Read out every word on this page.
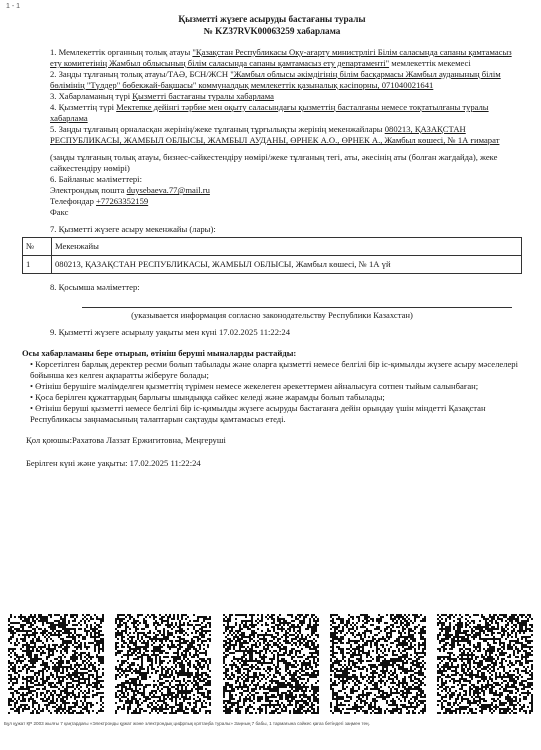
1 - 1
Қызметті жүзеге асыруды бастағаны туралы
№ KZ37RVK00063259 хабарлама

1. Мемлекеттік органның толық атауы "Қазақстан Республикасы Оқу-ағарту министрлігі Білім саласында сапаны қамтамасыз ету комитетінің Жамбыл облысының білім саласында сапаны қамтамасыз ету департаменті" мемлекеттік мекемесі

2. Заңды тұлғаның толық атауы/ТАӘ, БСН/ЖСН "Жамбыл облысы әкімдігінің білім басқармасы Жамбыл ауданының білім бөлімінің "Түлдер" бөбекжай-бақшасы" коммуналдық мемлекеттік қазыналық кәсіпорны, 071040021641

3. Хабарламаның түрі Қызметті бастағаны туралы хабарлама

4. Қызметтің түрі Мектепке дейінгі тәрбие мен оқыту саласындағы қызметтің басталғаны немесе тоқтатылғаны туралы хабарлама

5. Заңды тұлғаның орналасқан жерінің/жеке тұлғаның тұрғылықты жерінің мекенжайлары 080213, ҚАЗАҚСТАН РЕСПУБЛИКАСЫ, ЖАМБЫЛ ОБЛЫСЫ, ЖАМБЫЛ АУДАНЫ, ӨРНЕК А.О., ӨРНЕК А., Жамбыл көшесі, № 1А ғимарат

(заңды тұлғаның толық атауы, бизнес-сәйкестендіру нөмірі/жеке тұлғаның тегі, аты, әкесінің аты (болған жағдайда), жеке сәйкестендіру нөмірі)

6. Байланыс мәліметтері:

Электрондық пошта duysebaeva.77@mail.ru

Телефондар +77263352159

Факс

7. Қызметті жүзеге асыру мекенжайы (лары):

№	Мекенжайы
1	080213, ҚАЗАҚСТАН РЕСПУБЛИКАСЫ, ЖАМБЫЛ ОБЛЫСЫ, Жамбыл көшесі, № 1А үй

8. Қосымша мәліметтер:

(указывается информация согласно законодательству Республики Казахстан)

9. Қызметті жүзеге асырылу уақыты мен күні 17.02.2025 11:22:24

Осы хабарламаны бере отырып, өтініш беруші мыналарды растайды:

• Көрсетілген барлық деректер ресми болып табылады және оларға қызметті немесе белгілі бір іс-қимылды жүзеге асыру мәселелері бойынша кез келген ақпаратты жіберуге болады;

• Өтініш берушіге мәлімделген қызметтің түрімен немесе жекелеген әрекеттермен айналысуға сотпен тыйым салынбаған;

• Қоса берілген құжаттардың барлығы шындыққа сәйкес келеді және жарамды болып табылады;

• Өтініш беруші қызметті немесе белгілі бір іс-қимылды жүзеге асыруды бастағанға дейін орындау үшін міндетті Қазақстан Республикасы заңнамасының талаптарын сақтауды қамтамасыз етеді.

Қол қоюшы:Рахатова Лаззат Ержигитовна, Меңгеруші

Берілген күні және уақыты: 17.02.2025 11:22:24

Бұл құжат ҚР 2003 жылғы 7 қаңтардағы «Электронды құжат және электрондық цифрлық қолтаңба туралы» Заңның 7 бабы, 1 тармағына сәйкес қағаз бетіндегі заңмен тең.
